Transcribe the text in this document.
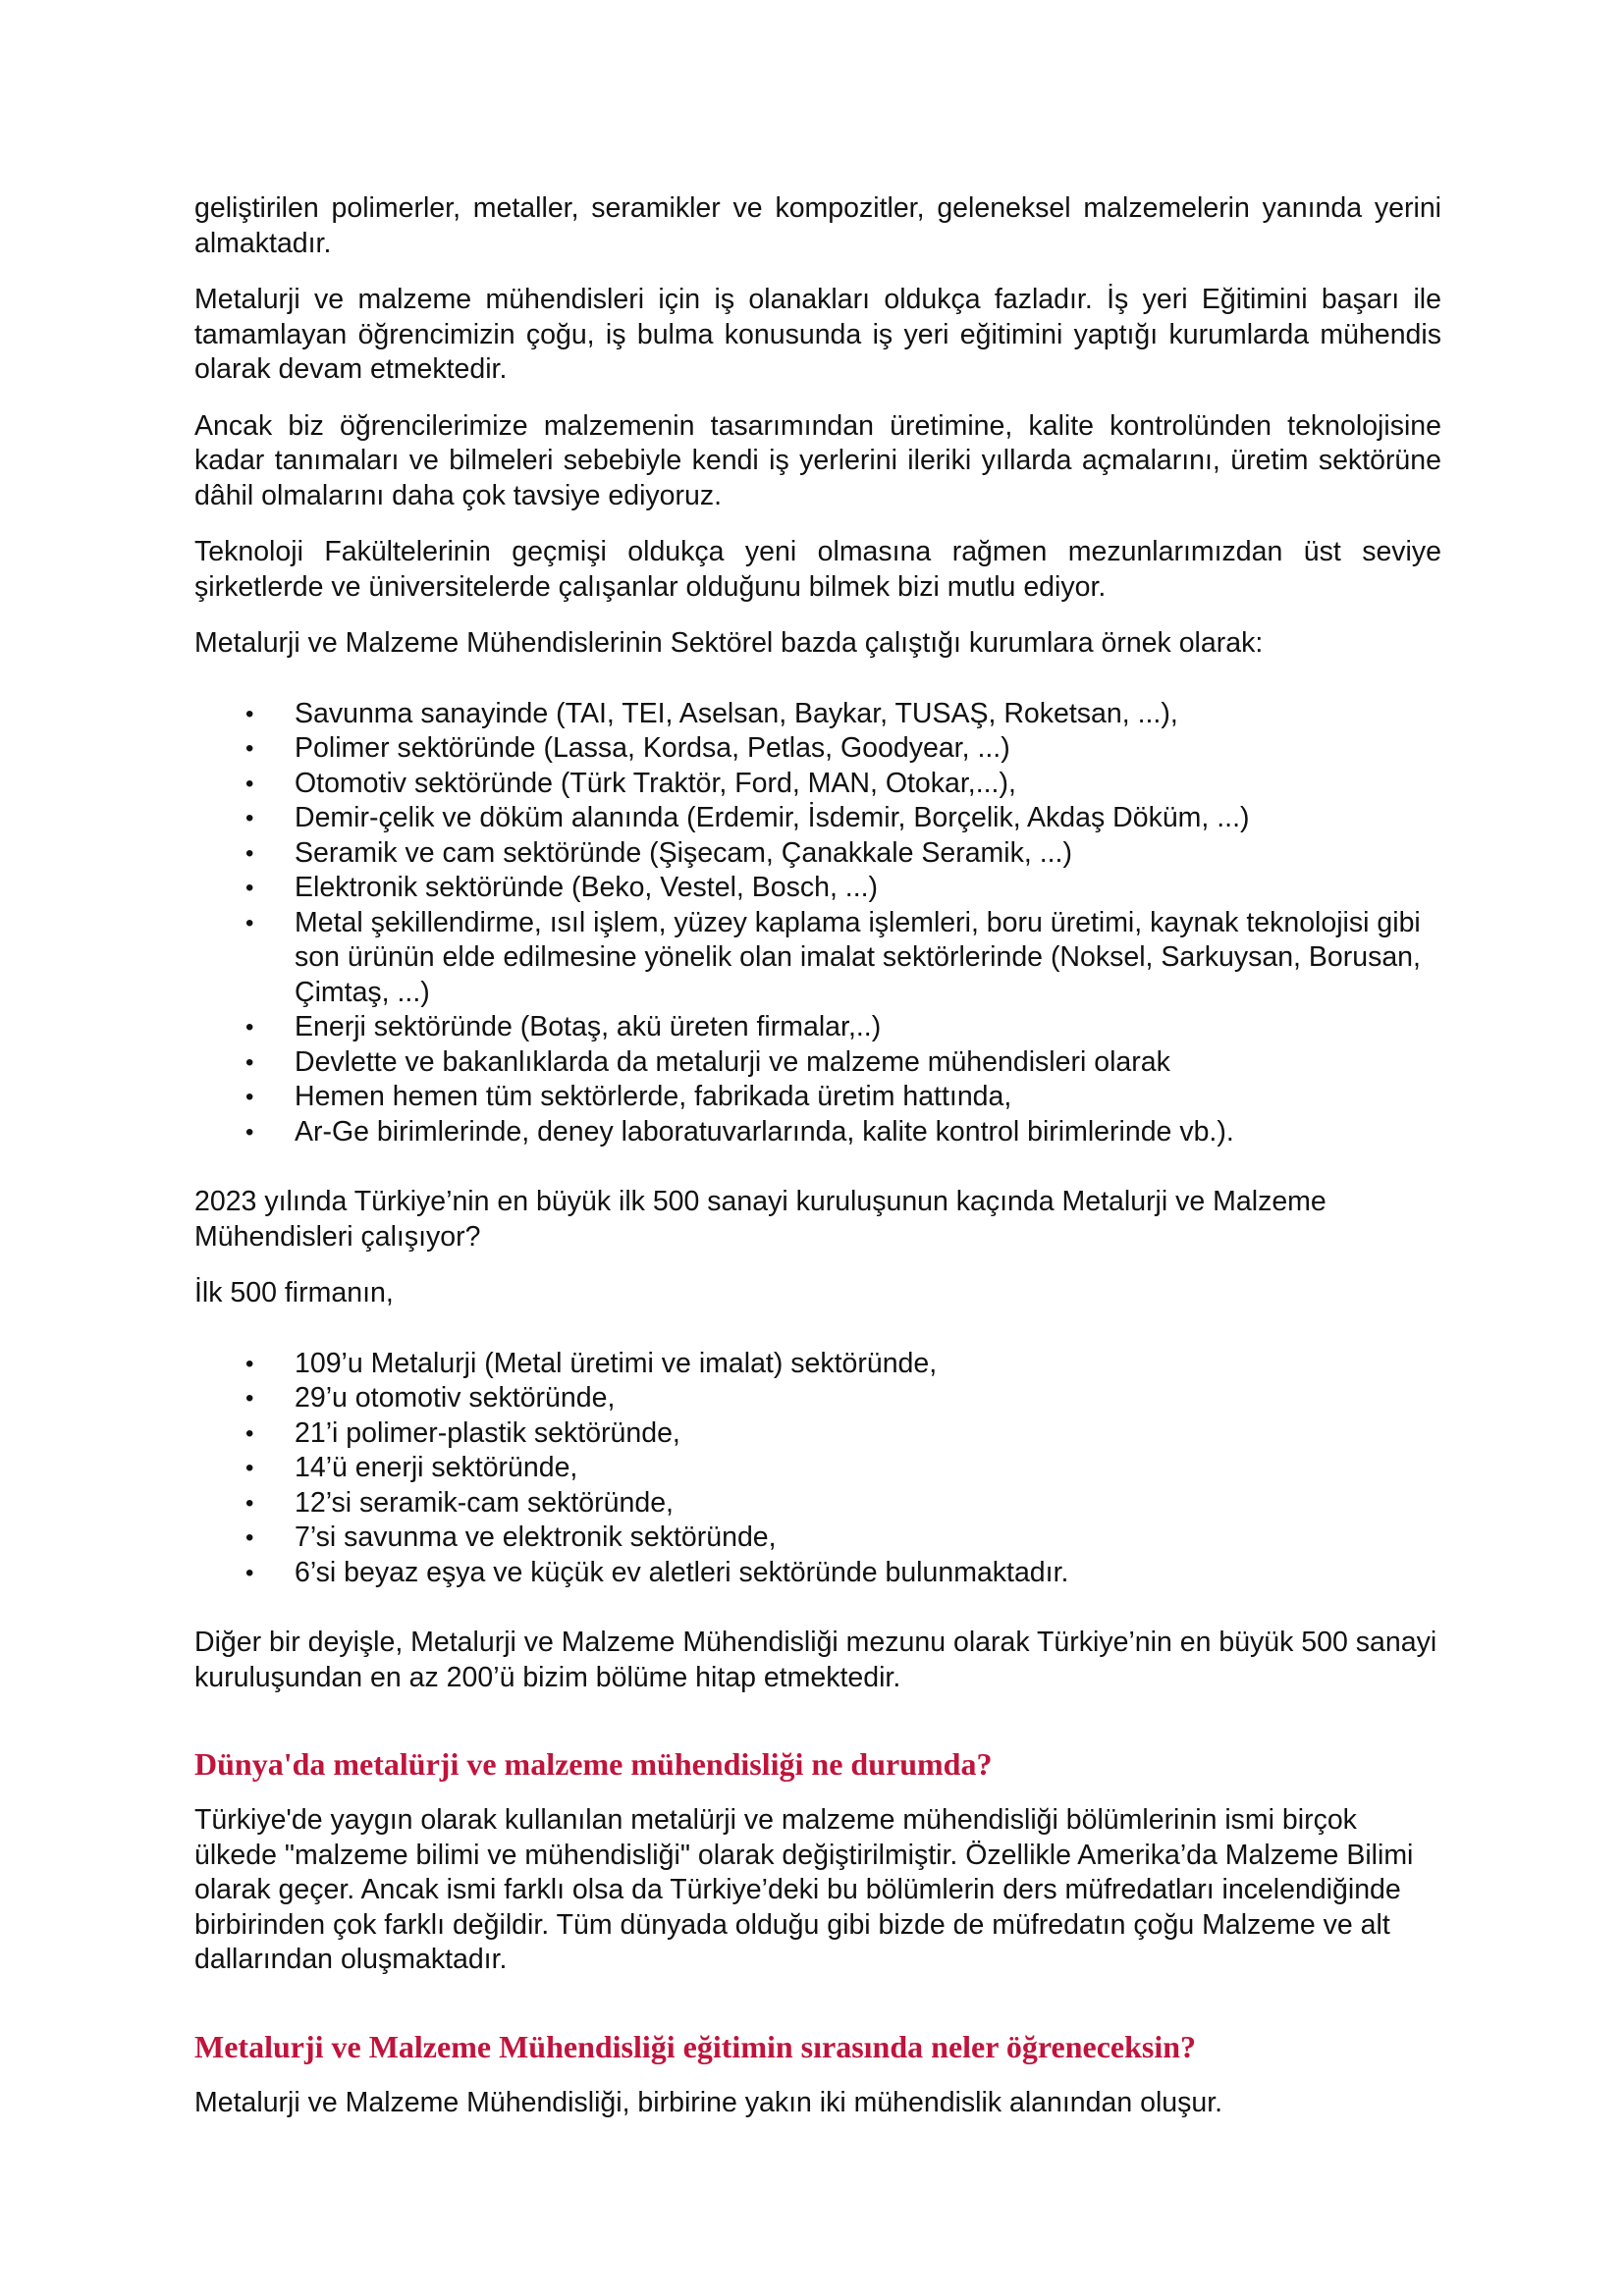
geliştirilen polimerler, metaller, seramikler ve kompozitler, geleneksel malzemelerin yanında yerini almaktadır.

Metalurji ve malzeme mühendisleri için iş olanakları oldukça fazladır. İş yeri Eğitimini başarı ile tamamlayan öğrencimizin çoğu, iş bulma konusunda iş yeri eğitimini yaptığı kurumlarda mühendis olarak devam etmektedir.

Ancak biz öğrencilerimize malzemenin tasarımından üretimine, kalite kontrolünden teknolojisine kadar tanımaları ve bilmeleri sebebiyle kendi iş yerlerini ileriki yıllarda açmalarını, üretim sektörüne dâhil olmalarını daha çok tavsiye ediyoruz.

Teknoloji Fakültelerinin geçmişi oldukça yeni olmasına rağmen mezunlarımızdan üst seviye şirketlerde ve üniversitelerde çalışanlar olduğunu bilmek bizi mutlu ediyor.

Metalurji ve Malzeme Mühendislerinin Sektörel bazda çalıştığı kurumlara örnek olarak:

• Savunma sanayinde (TAI, TEI, Aselsan, Baykar, TUSAŞ, Roketsan, ...),
• Polimer sektöründe (Lassa, Kordsa, Petlas, Goodyear, ...)
• Otomotiv sektöründe (Türk Traktör, Ford, MAN, Otokar,...),
• Demir-çelik ve döküm alanında (Erdemir, İsdemir, Borçelik, Akdaş Döküm, ...)
• Seramik ve cam sektöründe (Şişecam, Çanakkale Seramik, ...)
• Elektronik sektöründe (Beko, Vestel, Bosch, ...)
• Metal şekillendirme, ısıl işlem, yüzey kaplama işlemleri, boru üretimi, kaynak teknolojisi gibi son ürünün elde edilmesine yönelik olan imalat sektörlerinde (Noksel, Sarkuysan, Borusan, Çimtaş, ...)
• Enerji sektöründe (Botaş, akü üreten firmalar,..)
• Devlette ve bakanlıklarda da metalurji ve malzeme mühendisleri olarak
• Hemen hemen tüm sektörlerde, fabrikada üretim hattında,
• Ar-Ge birimlerinde, deney laboratuvarlarında, kalite kontrol birimlerinde vb.).

2023 yılında Türkiye’nin en büyük ilk 500 sanayi kuruluşunun kaçında Metalurji ve Malzeme Mühendisleri çalışıyor?

İlk 500 firmanın,

• 109’u Metalurji (Metal üretimi ve imalat) sektöründe,
• 29’u otomotiv sektöründe,
• 21’i polimer-plastik sektöründe,
• 14’ü enerji sektöründe,
• 12’si seramik-cam sektöründe,
• 7’si savunma ve elektronik sektöründe,
• 6’si beyaz eşya ve küçük ev aletleri sektöründe bulunmaktadır.

Diğer bir deyişle, Metalurji ve Malzeme Mühendisliği mezunu olarak Türkiye’nin en büyük 500 sanayi kuruluşundan en az 200’ü bizim bölüme hitap etmektedir.

Dünya'da metalürji ve malzeme mühendisliği ne durumda?

Türkiye'de yaygın olarak kullanılan metalürji ve malzeme mühendisliği bölümlerinin ismi birçok ülkede "malzeme bilimi ve mühendisliği" olarak değiştirilmiştir. Özellikle Amerika’da Malzeme Bilimi olarak geçer. Ancak ismi farklı olsa da Türkiye’deki bu bölümlerin ders müfredatları incelendiğinde birbirinden çok farklı değildir. Tüm dünyada olduğu gibi bizde de müfredatın çoğu Malzeme ve alt dallarından oluşmaktadır.

Metalurji ve Malzeme Mühendisliği eğitimin sırasında neler öğreneceksin?

Metalurji ve Malzeme Mühendisliği, birbirine yakın iki mühendislik alanından oluşur.
